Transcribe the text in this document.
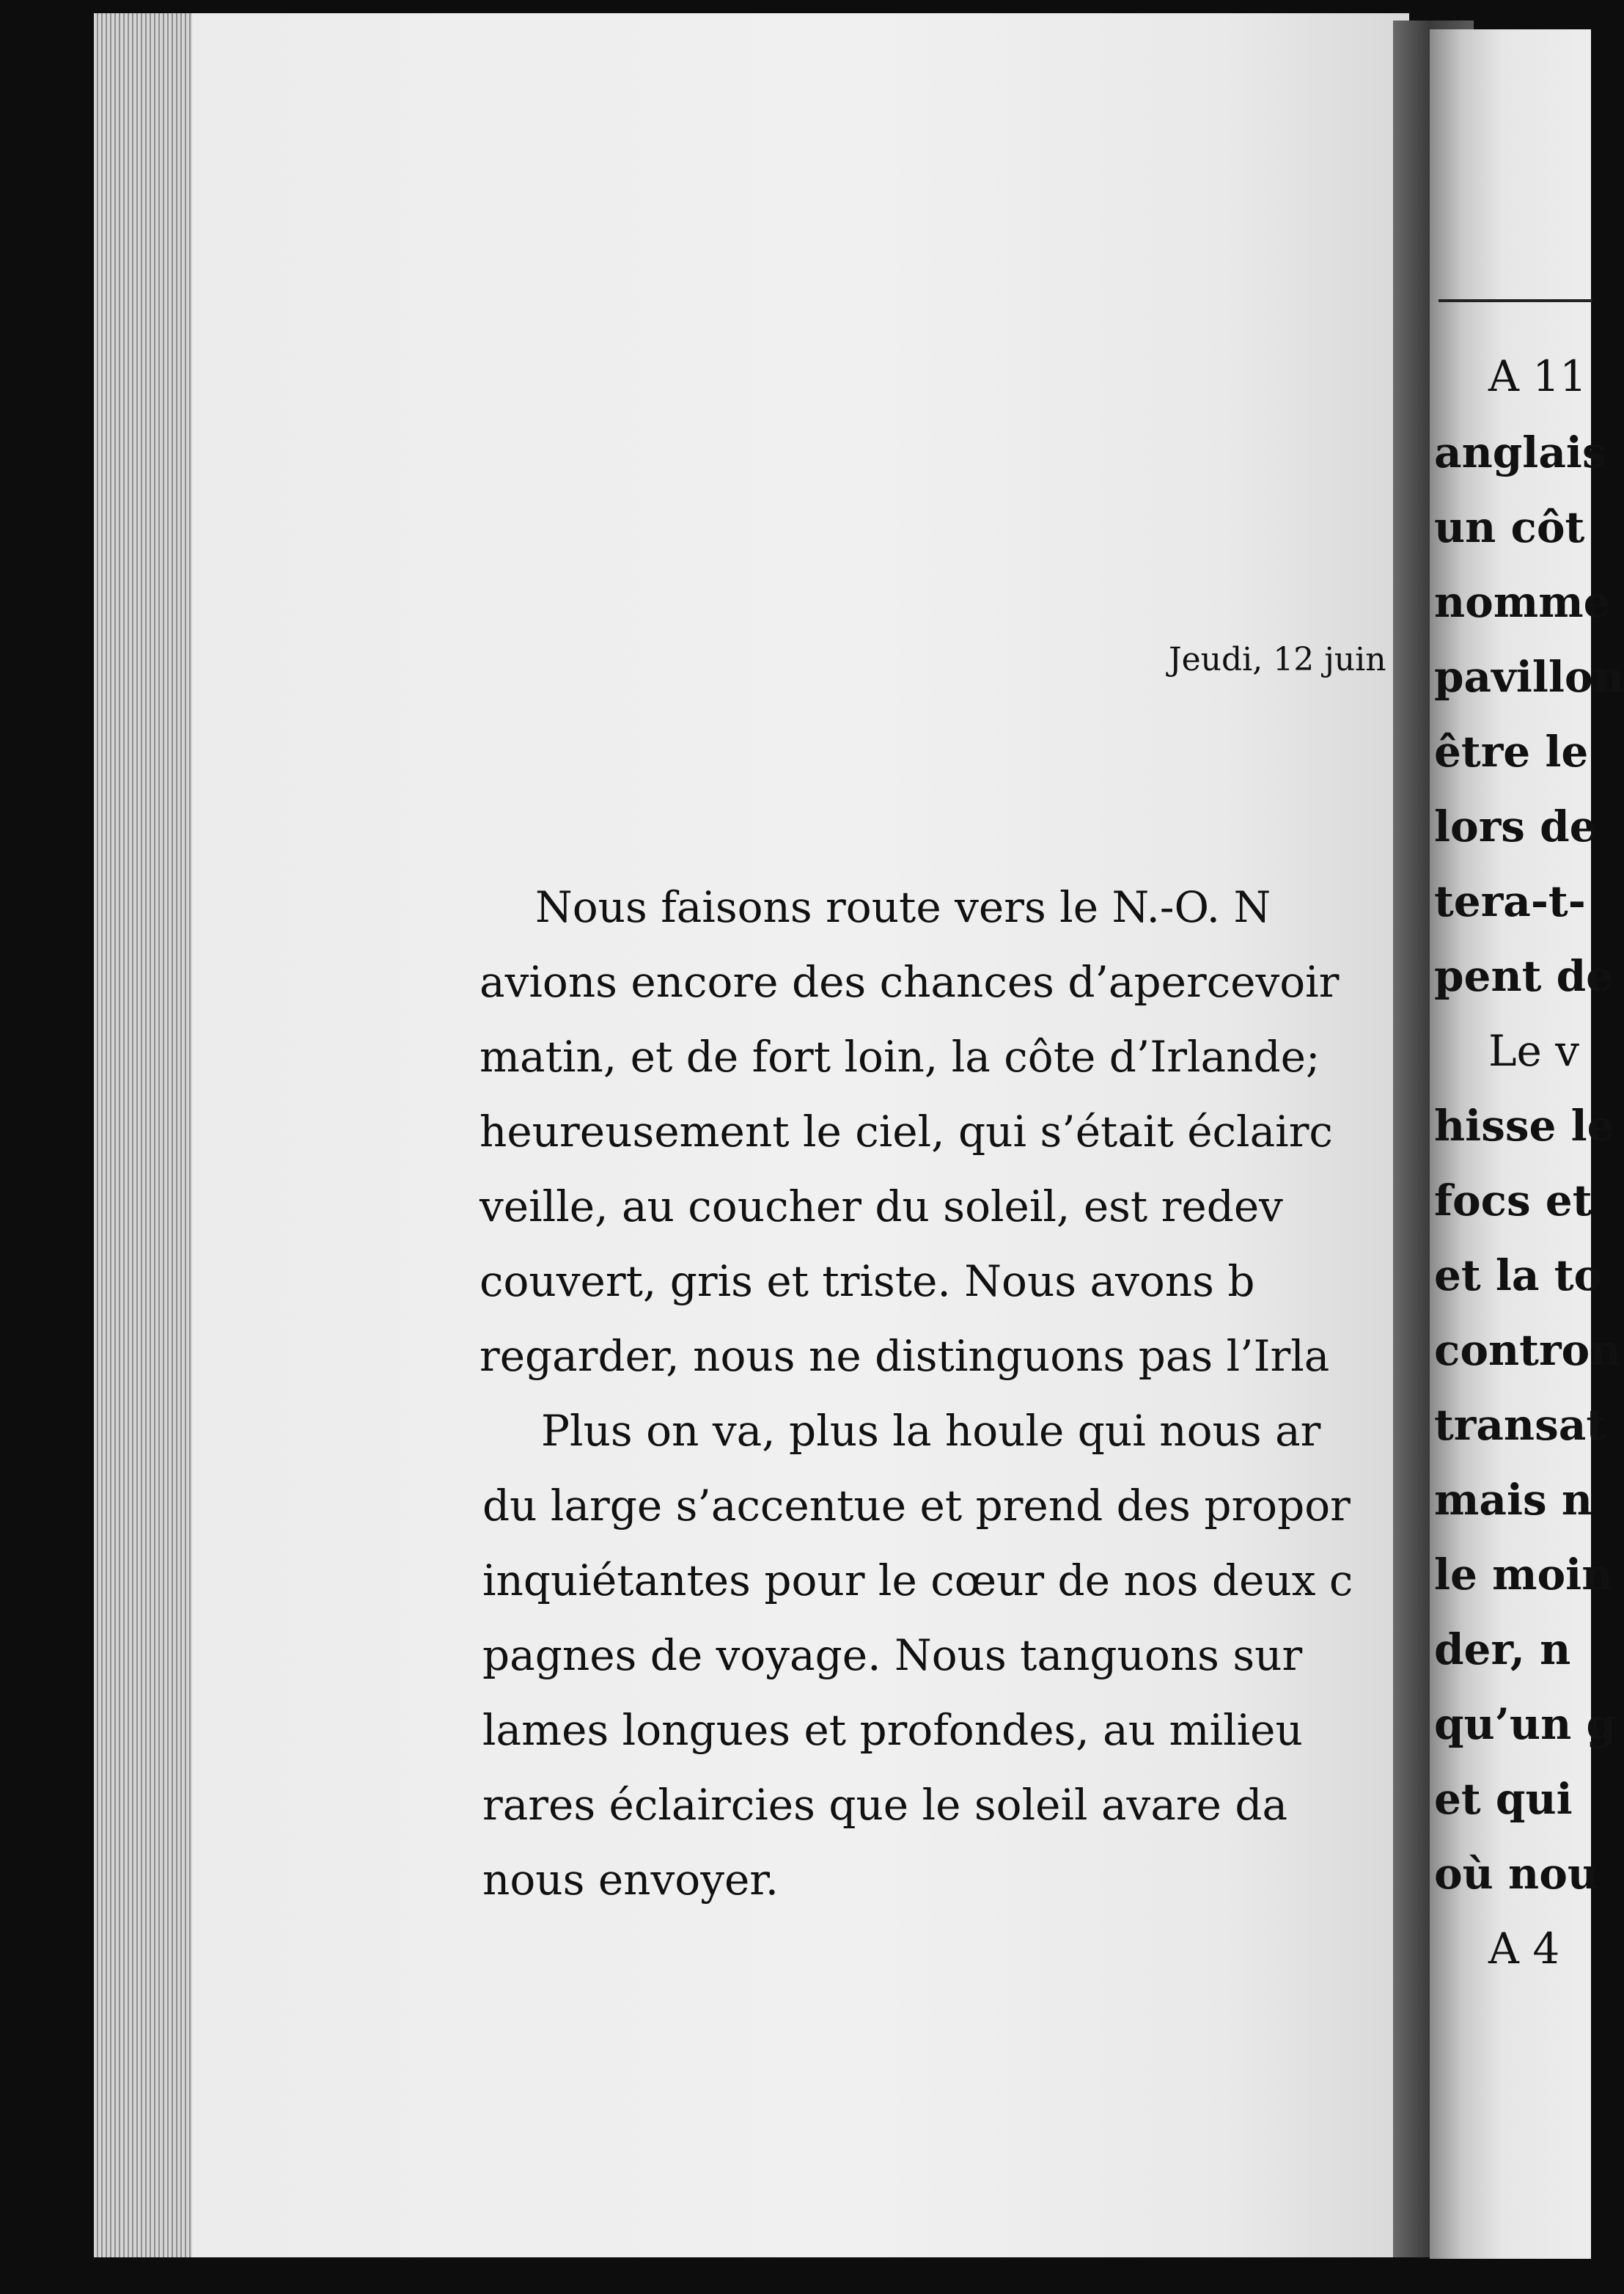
Jeudi, 12 juin
Nous faisons route vers le N.-O. N
avions encore des chances d’apercevoir
matin, et de fort loin, la côte d’Irlande;
heureusement le ciel, qui s’était éclairc
veille, au coucher du soleil, est redev
couvert, gris et triste. Nous avons b
regarder, nous ne distinguons pas l’Irla
Plus on va, plus la houle qui nous ar
du large s’accentue et prend des propor
inquiétantes pour le cœur de nos deux c
pagnes de voyage. Nous tanguons sur
lames longues et profondes, au milieu
rares éclaircies que le soleil avare da
nous envoyer.
A 11
anglais
un côt
nomme
pavillon
être le
lors de
tera-t-
pent de
Le v
hisse le
focs et
et la to
contron
transat
mais n
le moin
der, n
qu’un g
et qui
où nou
A 4
